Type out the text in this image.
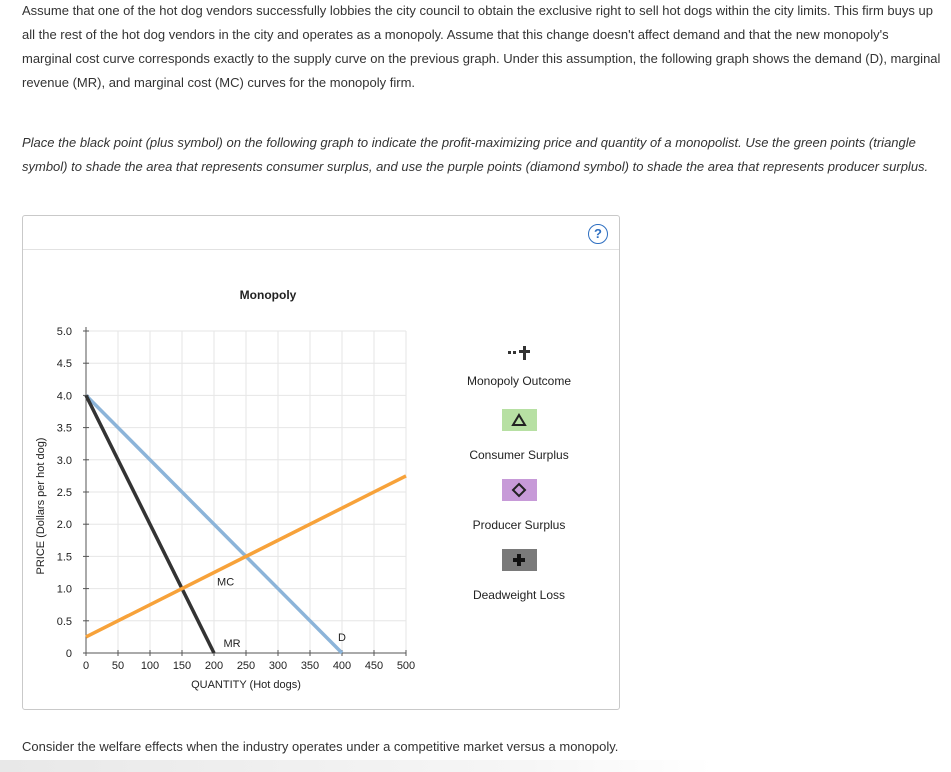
Assume that one of the hot dog vendors successfully lobbies the city council to obtain the exclusive right to sell hot dogs within the city limits. This firm buys up all the rest of the hot dog vendors in the city and operates as a monopoly. Assume that this change doesn't affect demand and that the new monopoly's marginal cost curve corresponds exactly to the supply curve on the previous graph. Under this assumption, the following graph shows the demand (D), marginal revenue (MR), and marginal cost (MC) curves for the monopoly firm.

Place the black point (plus symbol) on the following graph to indicate the profit-maximizing price and quantity of a monopolist. Use the green points (triangle symbol) to shade the area that represents consumer surplus, and use the purple points (diamond symbol) to shade the area that represents producer surplus.

?
Monopoly
0
0.5
1.0
1.5
2.0
2.5
3.0
3.5
4.0
4.5
5.0
0 50 100 150 200 250 300 350 400 450 500
D
MR
MC
PRICE (Dollars per hot dog)
QUANTITY (Hot dogs)
Monopoly Outcome
Consumer Surplus
Producer Surplus
Deadweight Loss

Consider the welfare effects when the industry operates under a competitive market versus a monopoly.
